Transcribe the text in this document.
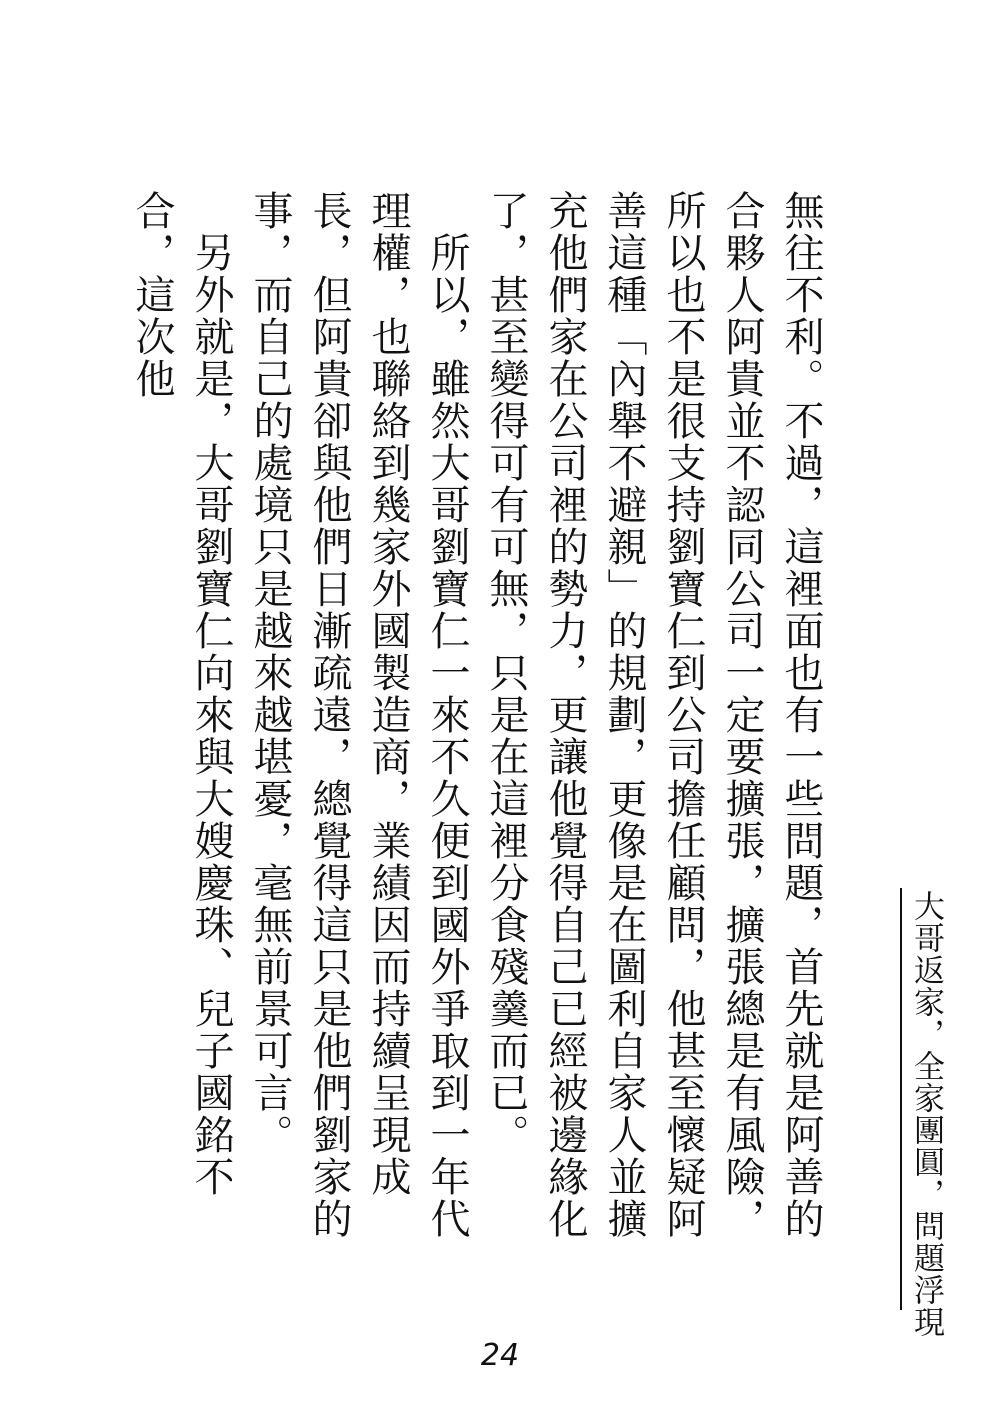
無往不利。不過，這裡面也有一些問題，首先就是阿善的合夥人阿貴並不認同公司一定要擴張，擴張總是有風險，所以也不是很支持劉寶仁到公司擔任顧問，他甚至懷疑阿善這種「內舉不避親」的規劃，更像是在圖利自家人並擴充他們家在公司裡的勢力，更讓他覺得自己已經被邊緣化了，甚至變得可有可無，只是在這裡分食殘羹而已。

　所以，雖然大哥劉寶仁一來不久便到國外爭取到一年代理權，也聯絡到幾家外國製造商，業績因而持續呈現成長，但阿貴卻與他們日漸疏遠，總覺得這只是他們劉家的事，而自己的處境只是越來越堪憂，毫無前景可言。

　另外就是，大哥劉寶仁向來與大嫂慶珠、兒子國銘不合，這次他

大哥返家，全家團圓，問題浮現
24
